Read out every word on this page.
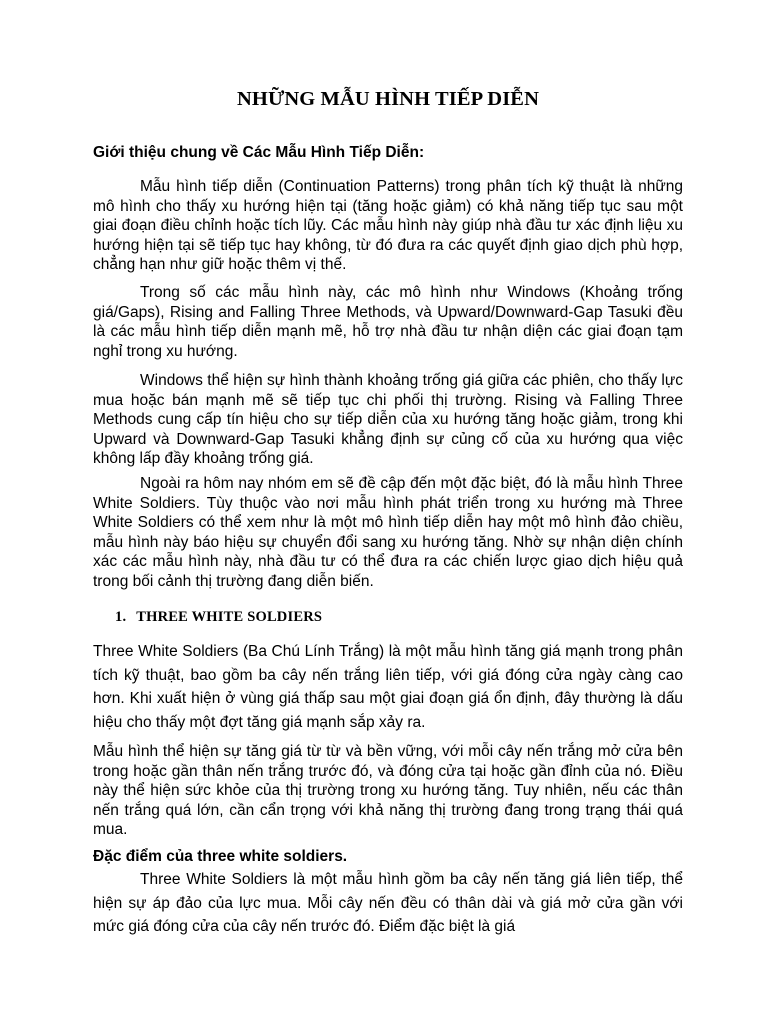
NHỮNG MẪU HÌNH TIẾP DIỄN

Giới thiệu chung về Các Mẫu Hình Tiếp Diễn:

Mẫu hình tiếp diễn (Continuation Patterns) trong phân tích kỹ thuật là những mô hình cho thấy xu hướng hiện tại (tăng hoặc giảm) có khả năng tiếp tục sau một giai đoạn điều chỉnh hoặc tích lũy. Các mẫu hình này giúp nhà đầu tư xác định liệu xu hướng hiện tại sẽ tiếp tục hay không, từ đó đưa ra các quyết định giao dịch phù hợp, chẳng hạn như giữ hoặc thêm vị thế.

Trong số các mẫu hình này, các mô hình như Windows (Khoảng trống giá/Gaps), Rising and Falling Three Methods, và Upward/Downward-Gap Tasuki đều là các mẫu hình tiếp diễn mạnh mẽ, hỗ trợ nhà đầu tư nhận diện các giai đoạn tạm nghỉ trong xu hướng.

Windows thể hiện sự hình thành khoảng trống giá giữa các phiên, cho thấy lực mua hoặc bán mạnh mẽ sẽ tiếp tục chi phối thị trường. Rising và Falling Three Methods cung cấp tín hiệu cho sự tiếp diễn của xu hướng tăng hoặc giảm, trong khi Upward và Downward-Gap Tasuki khẳng định sự củng cố của xu hướng qua việc không lấp đầy khoảng trống giá.

Ngoài ra hôm nay nhóm em sẽ đề cập đến một đặc biệt, đó là mẫu hình Three White Soldiers. Tùy thuộc vào nơi mẫu hình phát triển trong xu hướng mà Three White Soldiers có thể xem như là một mô hình tiếp diễn hay một mô hình đảo chiều, mẫu hình này báo hiệu sự chuyển đổi sang xu hướng tăng. Nhờ sự nhận diện chính xác các mẫu hình này, nhà đầu tư có thể đưa ra các chiến lược giao dịch hiệu quả trong bối cảnh thị trường đang diễn biến.

1. THREE WHITE SOLDIERS

Three White Soldiers (Ba Chú Lính Trắng) là một mẫu hình tăng giá mạnh trong phân tích kỹ thuật, bao gồm ba cây nến trắng liên tiếp, với giá đóng cửa ngày càng cao hơn. Khi xuất hiện ở vùng giá thấp sau một giai đoạn giá ổn định, đây thường là dấu hiệu cho thấy một đợt tăng giá mạnh sắp xảy ra.

Mẫu hình thể hiện sự tăng giá từ từ và bền vững, với mỗi cây nến trắng mở cửa bên trong hoặc gần thân nến trắng trước đó, và đóng cửa tại hoặc gần đỉnh của nó. Điều này thể hiện sức khỏe của thị trường trong xu hướng tăng. Tuy nhiên, nếu các thân nến trắng quá lớn, cần cẩn trọng với khả năng thị trường đang trong trạng thái quá mua.

Đặc điểm của three white soldiers.

Three White Soldiers là một mẫu hình gồm ba cây nến tăng giá liên tiếp, thể hiện sự áp đảo của lực mua. Mỗi cây nến đều có thân dài và giá mở cửa gần với mức giá đóng cửa của cây nến trước đó. Điểm đặc biệt là giá
